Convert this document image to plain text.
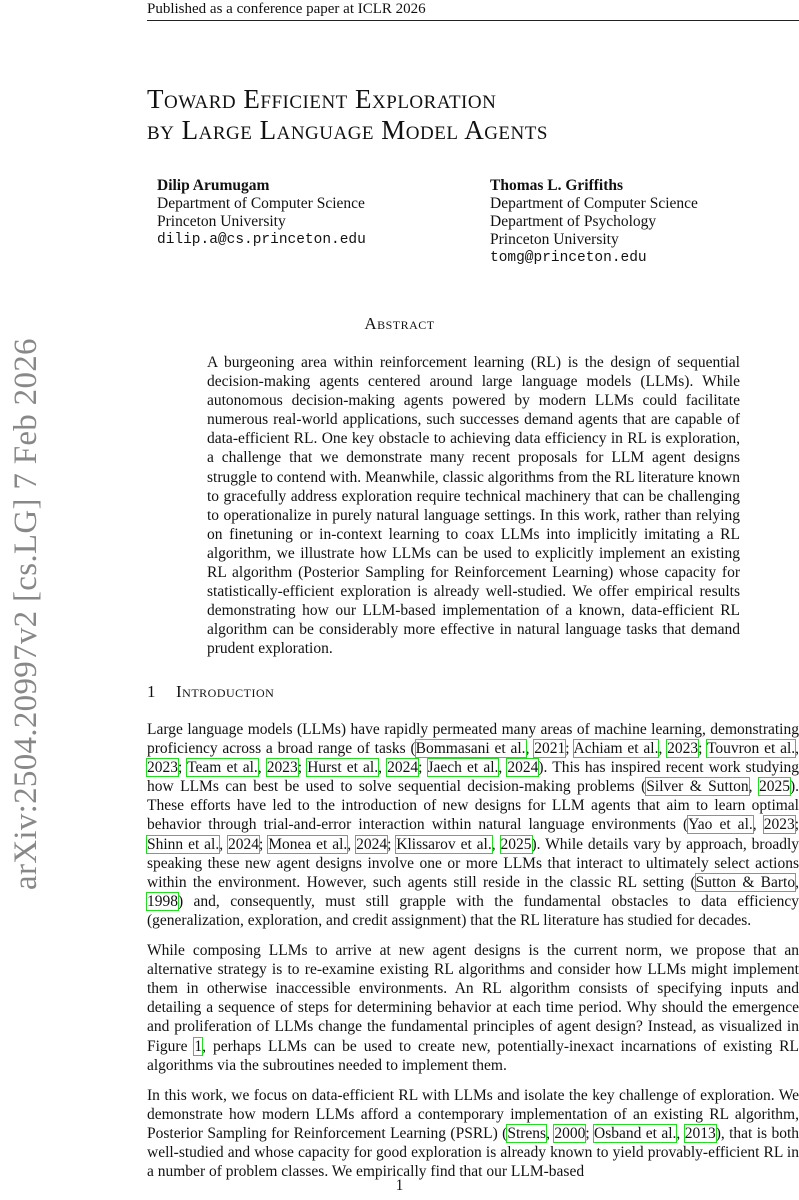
Published as a conference paper at ICLR 2026
arXiv:2504.20997v2 [cs.LG] 7 Feb 2026
Toward Efficient Exploration
by Large Language Model Agents
Dilip Arumugam
Department of Computer Science
Princeton University
dilip.a@cs.princeton.edu
Thomas L. Griffiths
Department of Computer Science
Department of Psychology
Princeton University
tomg@princeton.edu
Abstract
A burgeoning area within reinforcement learning (RL) is the design of sequential decision-making agents centered around large language models (LLMs). While autonomous decision-making agents powered by modern LLMs could facilitate numerous real-world applications, such successes demand agents that are capable of data-efficient RL. One key obstacle to achieving data efficiency in RL is exploration, a challenge that we demonstrate many recent proposals for LLM agent designs struggle to contend with. Meanwhile, classic algorithms from the RL literature known to gracefully address exploration require technical machinery that can be challenging to operationalize in purely natural language settings. In this work, rather than relying on finetuning or in-context learning to coax LLMs into implicitly imitating a RL algorithm, we illustrate how LLMs can be used to explicitly implement an existing RL algorithm (Posterior Sampling for Reinforcement Learning) whose capacity for statistically-efficient exploration is already well-studied. We offer empirical results demonstrating how our LLM-based implementation of a known, data-efficient RL algorithm can be considerably more effective in natural language tasks that demand prudent exploration.
1 Introduction

Large language models (LLMs) have rapidly permeated many areas of machine learning, demonstrating proficiency across a broad range of tasks (Bommasani et al., 2021; Achiam et al., 2023; Touvron et al., 2023; Team et al., 2023; Hurst et al., 2024; Jaech et al., 2024). This has inspired recent work studying how LLMs can best be used to solve sequential decision-making problems (Silver & Sutton, 2025). These efforts have led to the introduction of new designs for LLM agents that aim to learn optimal behavior through trial-and-error interaction within natural language environments (Yao et al., 2023; Shinn et al., 2024; Monea et al., 2024; Klissarov et al., 2025). While details vary by approach, broadly speaking these new agent designs involve one or more LLMs that interact to ultimately select actions within the environment. However, such agents still reside in the classic RL setting (Sutton & Barto, 1998) and, consequently, must still grapple with the fundamental obstacles to data efficiency (generalization, exploration, and credit assignment) that the RL literature has studied for decades.

While composing LLMs to arrive at new agent designs is the current norm, we propose that an alternative strategy is to re-examine existing RL algorithms and consider how LLMs might implement them in otherwise inaccessible environments. An RL algorithm consists of specifying inputs and detailing a sequence of steps for determining behavior at each time period. Why should the emergence and proliferation of LLMs change the fundamental principles of agent design? Instead, as visualized in Figure 1, perhaps LLMs can be used to create new, potentially-inexact incarnations of existing RL algorithms via the subroutines needed to implement them.

In this work, we focus on data-efficient RL with LLMs and isolate the key challenge of exploration. We demonstrate how modern LLMs afford a contemporary implementation of an existing RL algorithm, Posterior Sampling for Reinforcement Learning (PSRL) (Strens, 2000; Osband et al., 2013), that is both well-studied and whose capacity for good exploration is already known to yield provably-efficient RL in a number of problem classes. We empirically find that our LLM-based

1
